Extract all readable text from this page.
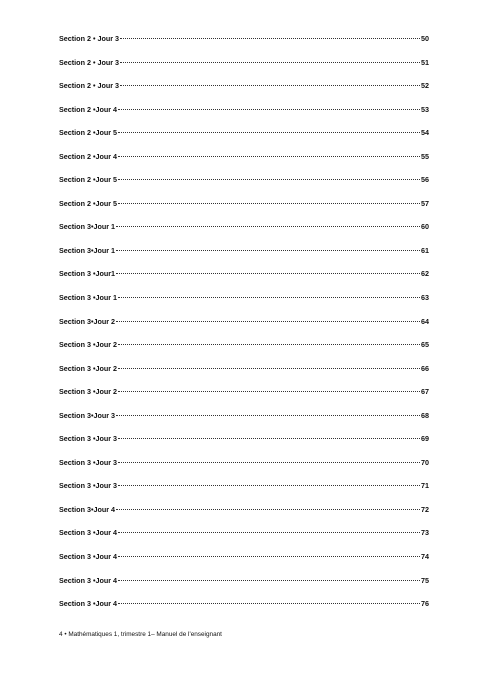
Section 2 • Jour 3	50
Section 2 • Jour 3	51
Section 2 • Jour 3	52
Section 2 •Jour 4	53
Section 2 •Jour 5	54
Section 2 •Jour 4	55
Section 2 •Jour 5	56
Section 2 •Jour 5	57
Section 3•Jour 1	60
Section 3•Jour 1	61
Section 3 •Jour1	62
Section 3 •Jour 1	63
Section 3•Jour 2	64
Section 3 •Jour 2	65
Section 3 •Jour 2	66
Section 3 •Jour 2	67
Section 3•Jour 3	68
Section 3 •Jour 3	69
Section 3 •Jour 3	70
Section 3 •Jour 3	71
Section 3•Jour 4	72
Section 3 •Jour 4	73
Section 3 •Jour 4	74
Section 3 •Jour 4	75
Section 3 •Jour 4	76
4 • Mathématiques 1, trimestre 1– Manuel de l'enseignant
